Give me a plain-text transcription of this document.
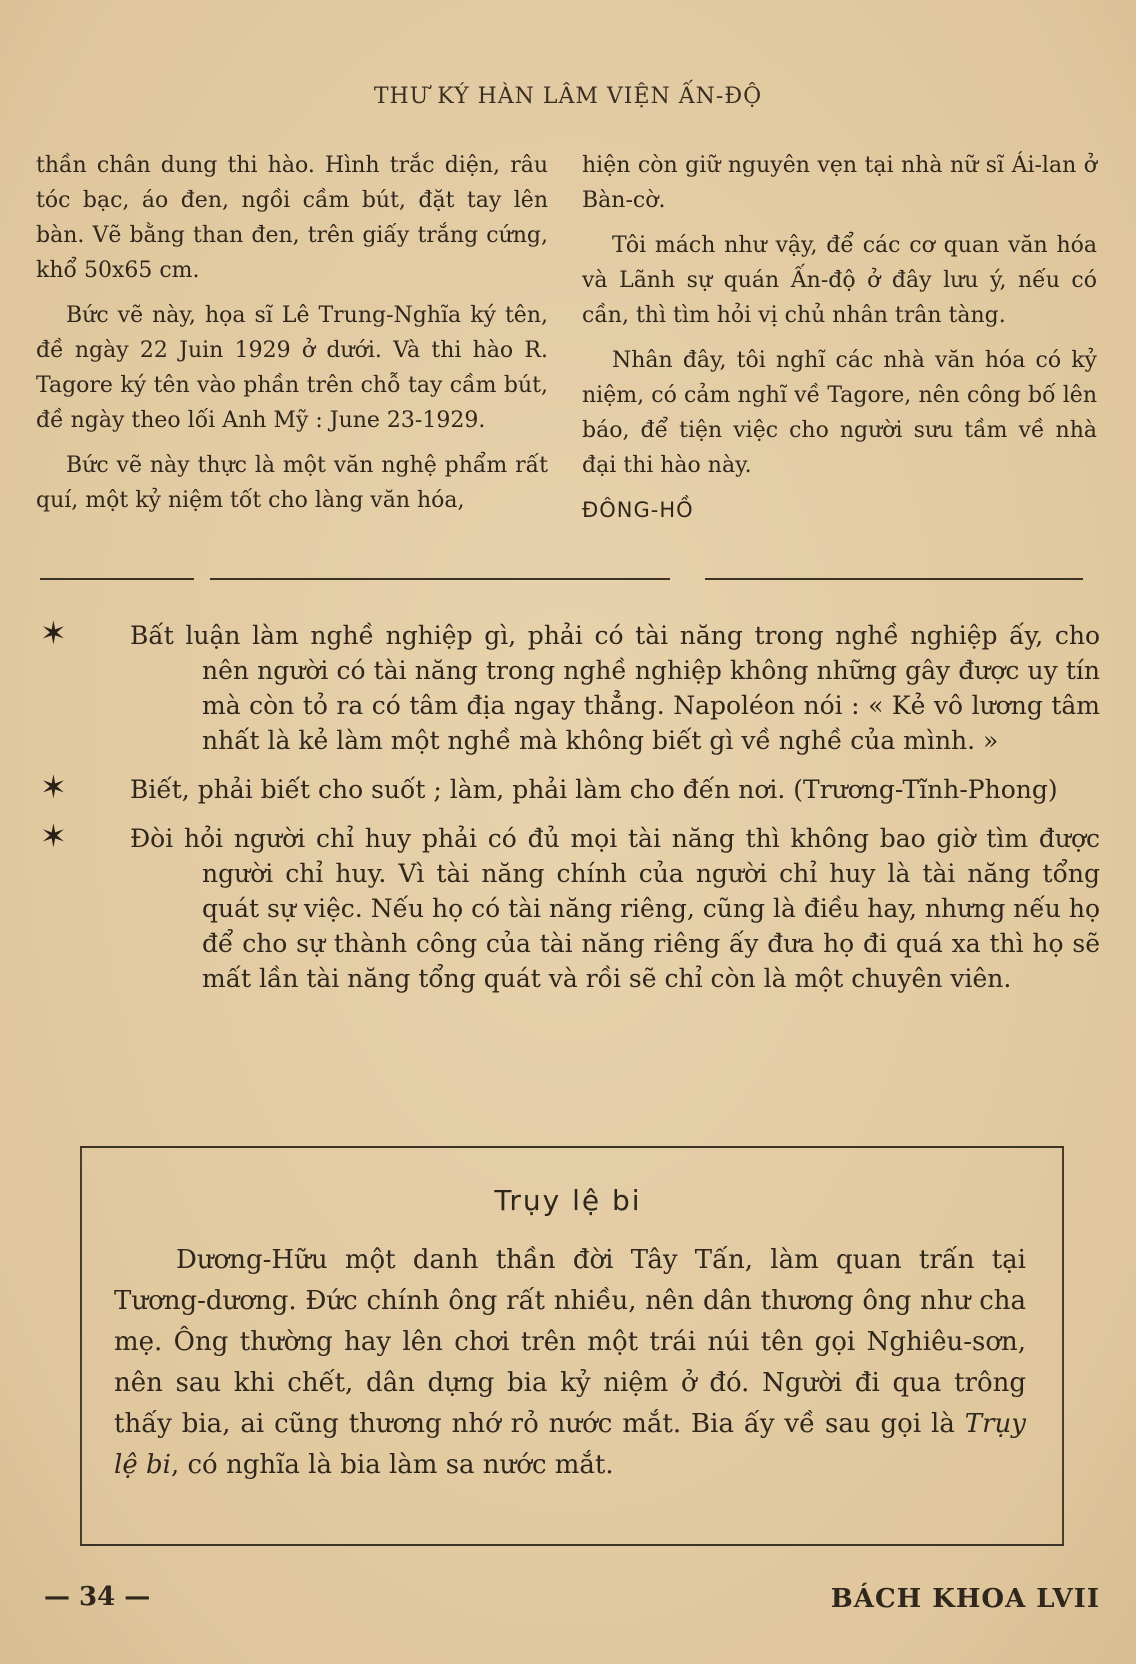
THƯ KÝ HÀN LÂM VIỆN ẤN-ĐỘ

thần chân dung thi hào. Hình trắc diện, râu tóc bạc, áo đen, ngồi cầm bút, đặt tay lên bàn. Vẽ bằng than đen, trên giấy trắng cứng, khổ 50x65 cm.

Bức vẽ này, họa sĩ Lê Trung-Nghĩa ký tên, đề ngày 22 Juin 1929 ở dưới. Và thi hào R. Tagore ký tên vào phần trên chỗ tay cầm bút, đề ngày theo lối Anh Mỹ : June 23-1929.

Bức vẽ này thực là một văn nghệ phẩm rất quí, một kỷ niệm tốt cho làng văn hóa,

hiện còn giữ nguyên vẹn tại nhà nữ sĩ Ái-lan ở Bàn-cờ.

Tôi mách như vậy, để các cơ quan văn hóa và Lãnh sự quán Ấn-độ ở đây lưu ý, nếu có cần, thì tìm hỏi vị chủ nhân trân tàng.

Nhân đây, tôi nghĩ các nhà văn hóa có kỷ niệm, có cảm nghĩ về Tagore, nên công bố lên báo, để tiện việc cho người sưu tầm về nhà đại thi hào này.

ĐÔNG-HỒ

✶	Bất luận làm nghề nghiệp gì, phải có tài năng trong nghề nghiệp ấy, cho nên người có tài năng trong nghề nghiệp không những gây được uy tín mà còn tỏ ra có tâm địa ngay thẳng. Napoléon nói : « Kẻ vô lương tâm nhất là kẻ làm một nghề mà không biết gì về nghề của mình. »
✶	Biết, phải biết cho suốt ; làm, phải làm cho đến nơi. (Trương-Tĩnh-Phong)
✶	Đòi hỏi người chỉ huy phải có đủ mọi tài năng thì không bao giờ tìm được người chỉ huy. Vì tài năng chính của người chỉ huy là tài năng tổng quát sự việc. Nếu họ có tài năng riêng, cũng là điều hay, nhưng nếu họ để cho sự thành công của tài năng riêng ấy đưa họ đi quá xa thì họ sẽ mất lần tài năng tổng quát và rồi sẽ chỉ còn là một chuyên viên.
Trụy lệ bi
Dương-Hữu một danh thần đời Tây Tấn, làm quan trấn tại Tương-dương. Đức chính ông rất nhiều, nên dân thương ông như cha mẹ. Ông thường hay lên chơi trên một trái núi tên gọi Nghiêu-sơn, nên sau khi chết, dân dựng bia kỷ niệm ở đó. Người đi qua trông thấy bia, ai cũng thương nhớ rỏ nước mắt. Bia ấy về sau gọi là Trụy lệ bi, có nghĩa là bia làm sa nước mắt.
— 34 —	BÁCH KHOA LVII
